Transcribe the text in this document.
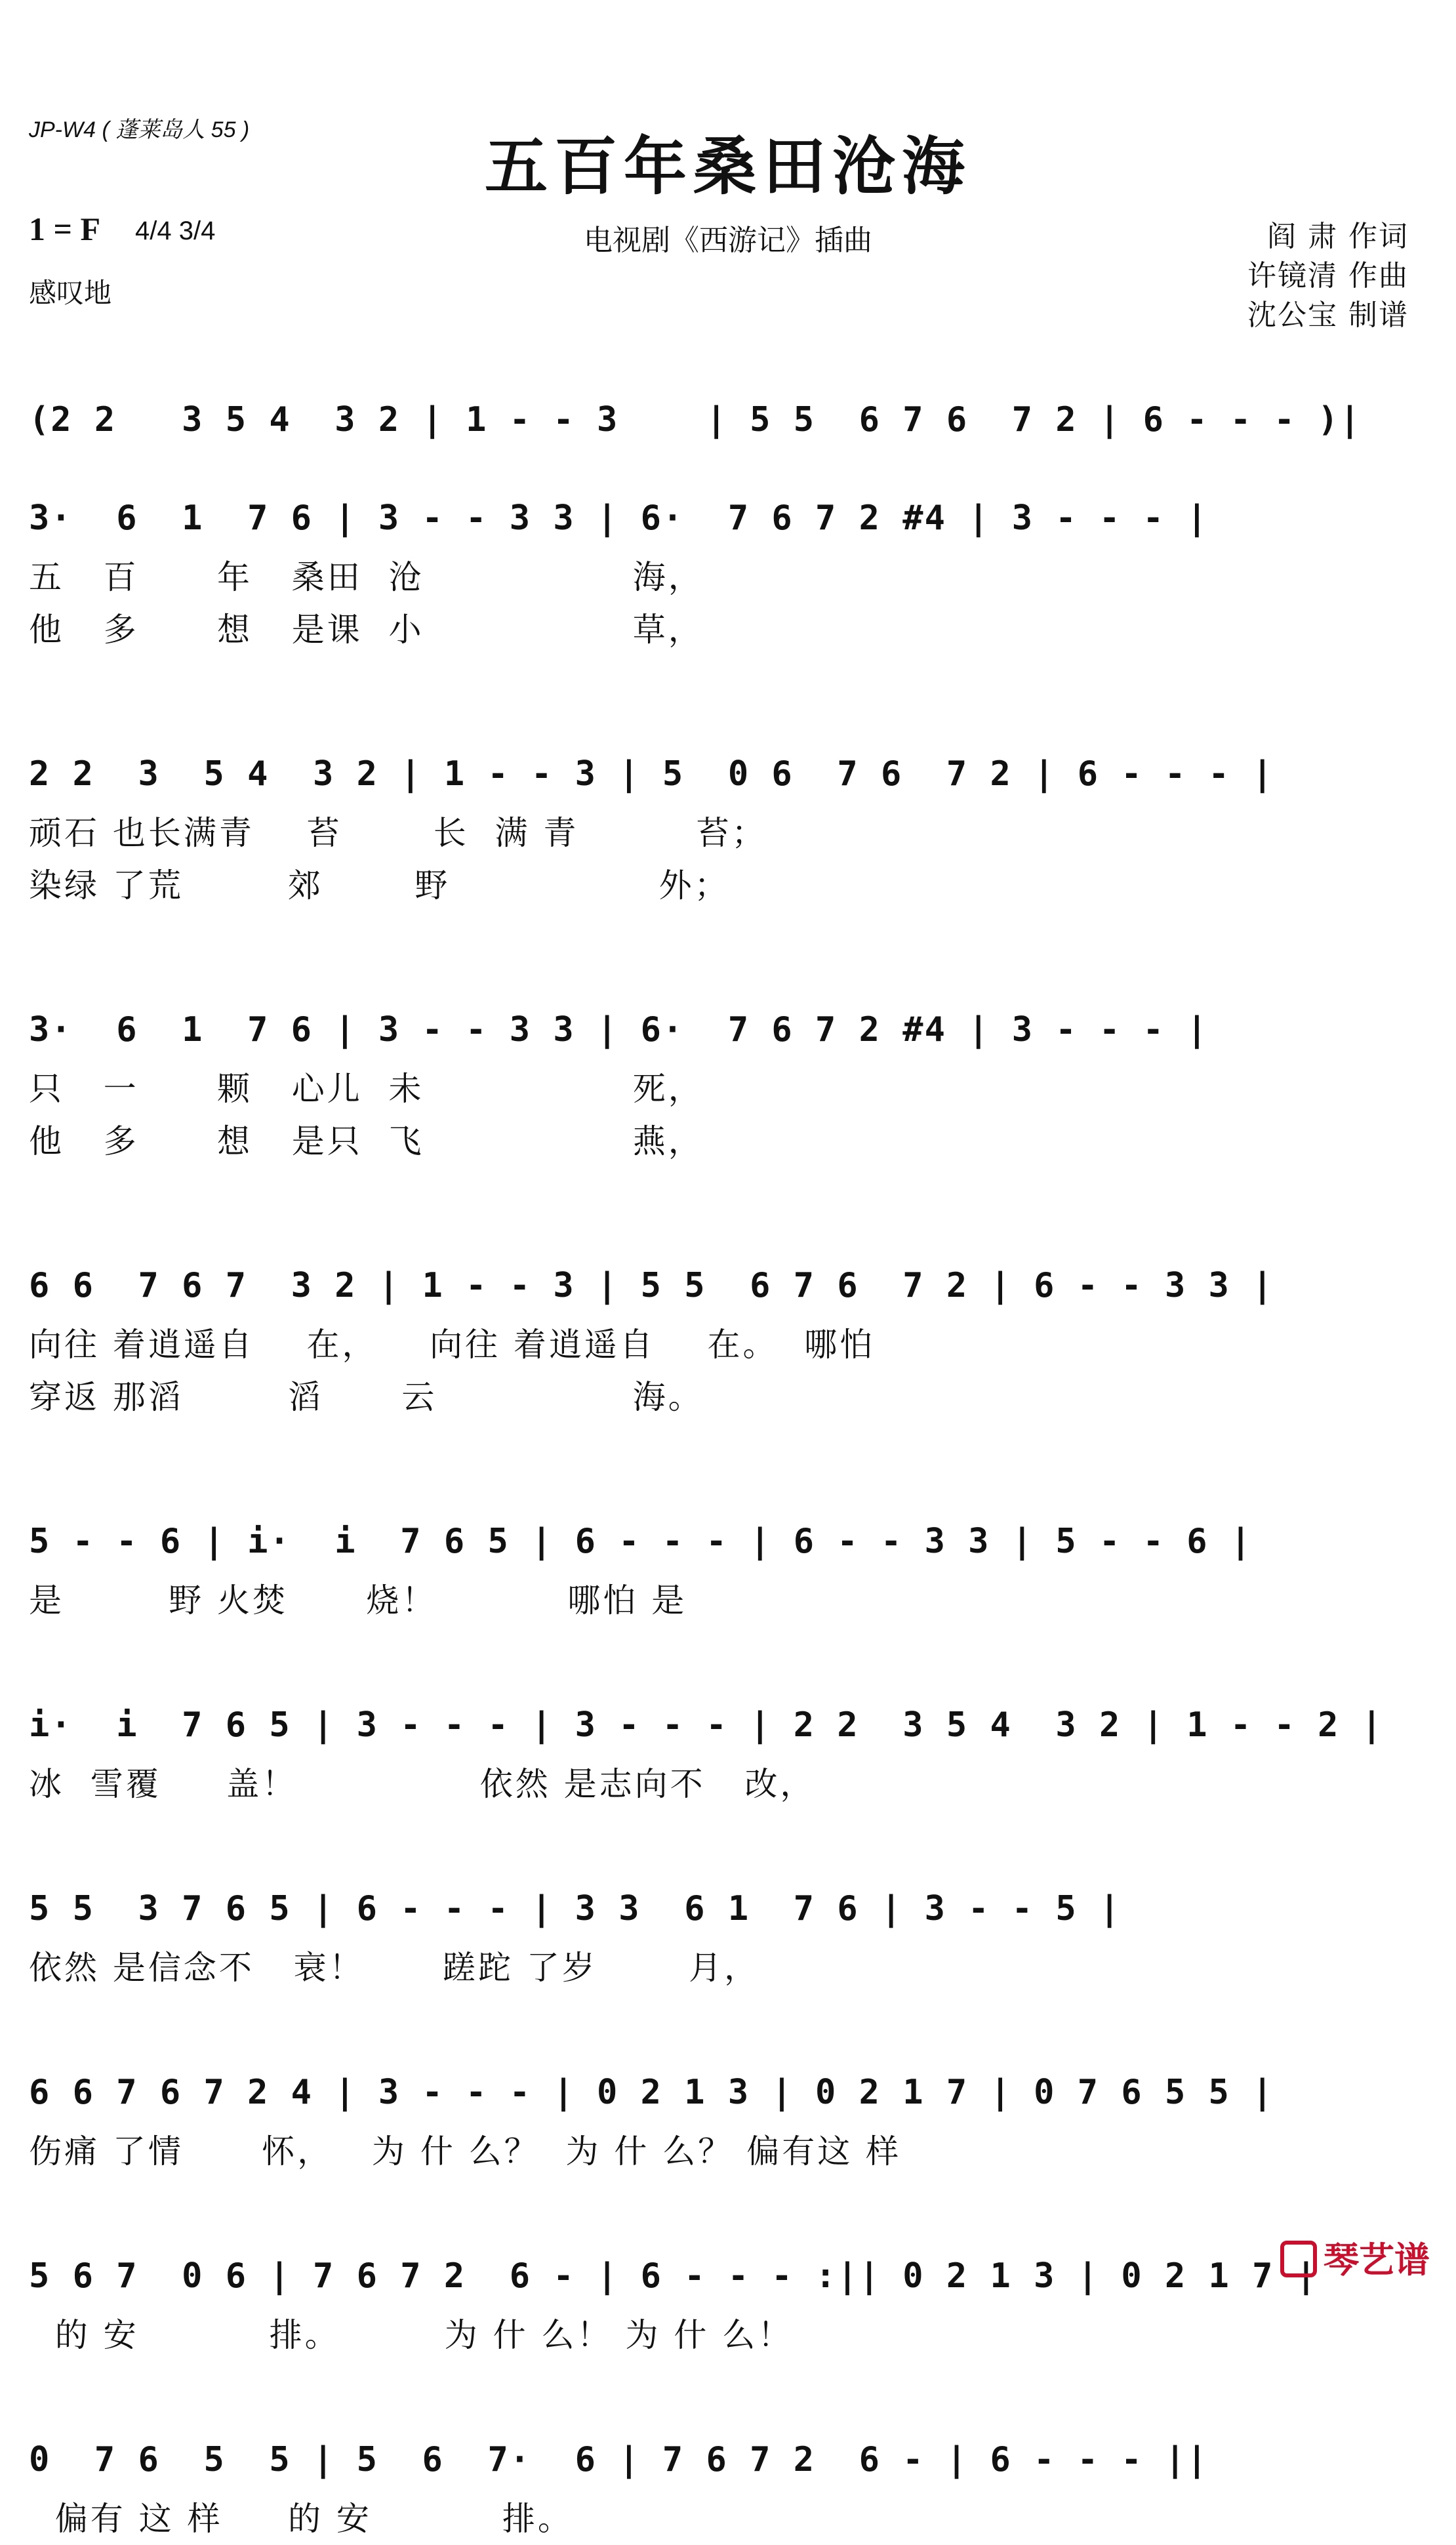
JP-W4 ( 蓬莱岛人 55 )	五百年桑田沧海
1 = F 4/4 3/4
感叹地
电视剧《西游记》插曲	阎 肃 作词
许镜清 作曲
沈公宝 制谱
(2 2   3 5 4  3 2 | 1 - - 3    | 5 5  6 7 6  7 2 | 6 - - - )|
3·  6  1  7 6 | 3 - - 3 3 | 6·  7 6 7 2 #4 | 3 - - - |
五   百      年   桑田  沧                海，
他   多      想   是课  小                草，
2 2  3  5 4  3 2 | 1 - - 3 | 5  0 6  7 6  7 2 | 6 - - - |
顽石 也长满青    苔       长  满 青         苔；
染绿 了荒        郊       野                外；
3·  6  1  7 6 | 3 - - 3 3 | 6·  7 6 7 2 #4 | 3 - - - |
只   一      颗   心儿  未                死，
他   多      想   是只  飞                燕，
6 6  7 6 7  3 2 | 1 - - 3 | 5 5  6 7 6  7 2 | 6 - - 3 3 |
向往 着逍遥自    在，    向往 着逍遥自    在。  哪怕
穿返 那滔        滔      云               海。
5 - - 6 | i·  i  7 6 5 | 6 - - - | 6 - - 3 3 | 5 - - 6 |
是        野 火焚      烧！          哪怕 是
i·  i  7 6 5 | 3 - - - | 3 - - - | 2 2  3 5 4  3 2 | 1 - - 2 |
冰  雪覆     盖！              依然 是志向不   改，
5 5  3 7 6 5 | 6 - - - | 3 3  6 1  7 6 | 3 - - 5 |
依然 是信念不   衰！      蹉跎 了岁       月，
6 6 7 6 7 2 4 | 3 - - - | 0 2 1 3 | 0 2 1 7 | 0 7 6 5 5 |
伤痛 了情      怀，   为 什 么？  为 什 么？ 偏有这 样
5 6 7  0 6 | 7 6 7 2  6 - | 6 - - - :|| 0 2 1 3 | 0 2 1 7 |
的 安          排。        为 什 么！ 为 什 么！
0  7 6  5  5 | 5  6  7·  6 | 7 6 7 2  6 - | 6 - - - ||
偏有 这 样     的 安          排。
琴艺谱
